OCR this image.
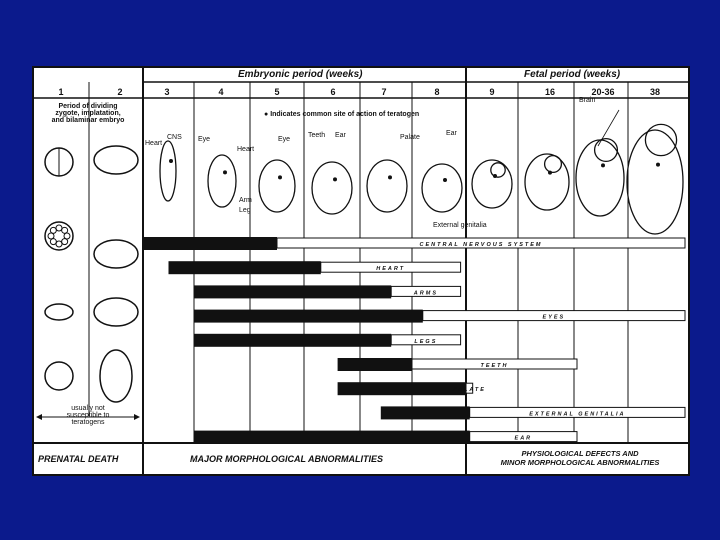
CENTRAL NERVOUS SYSTEM
HEART
ARMS
EYES
LEGS
TEETH
PALATE
EXTERNAL GENITALIA
EAR
Embryonic period (weeks)	Fetal period (weeks)
1	2	3	4	5	6	7	8	9	16	20-36	38
Period of dividing
zygote, implatation,
and bilaminar embryo
● Indicates common site of action of teratogen
CNS
Heart
Eye
Heart
Eye
Arm
Leg
Teeth Ear	Palate
Ear
External genitalia
Brain
usually not
susceptible to
teratogens
PRENATAL DEATH	MAJOR MORPHOLOGICAL ABNORMALITIES
PHYSIOLOGICAL DEFECTS AND
MINOR MORPHOLOGICAL ABNORMALITIES
